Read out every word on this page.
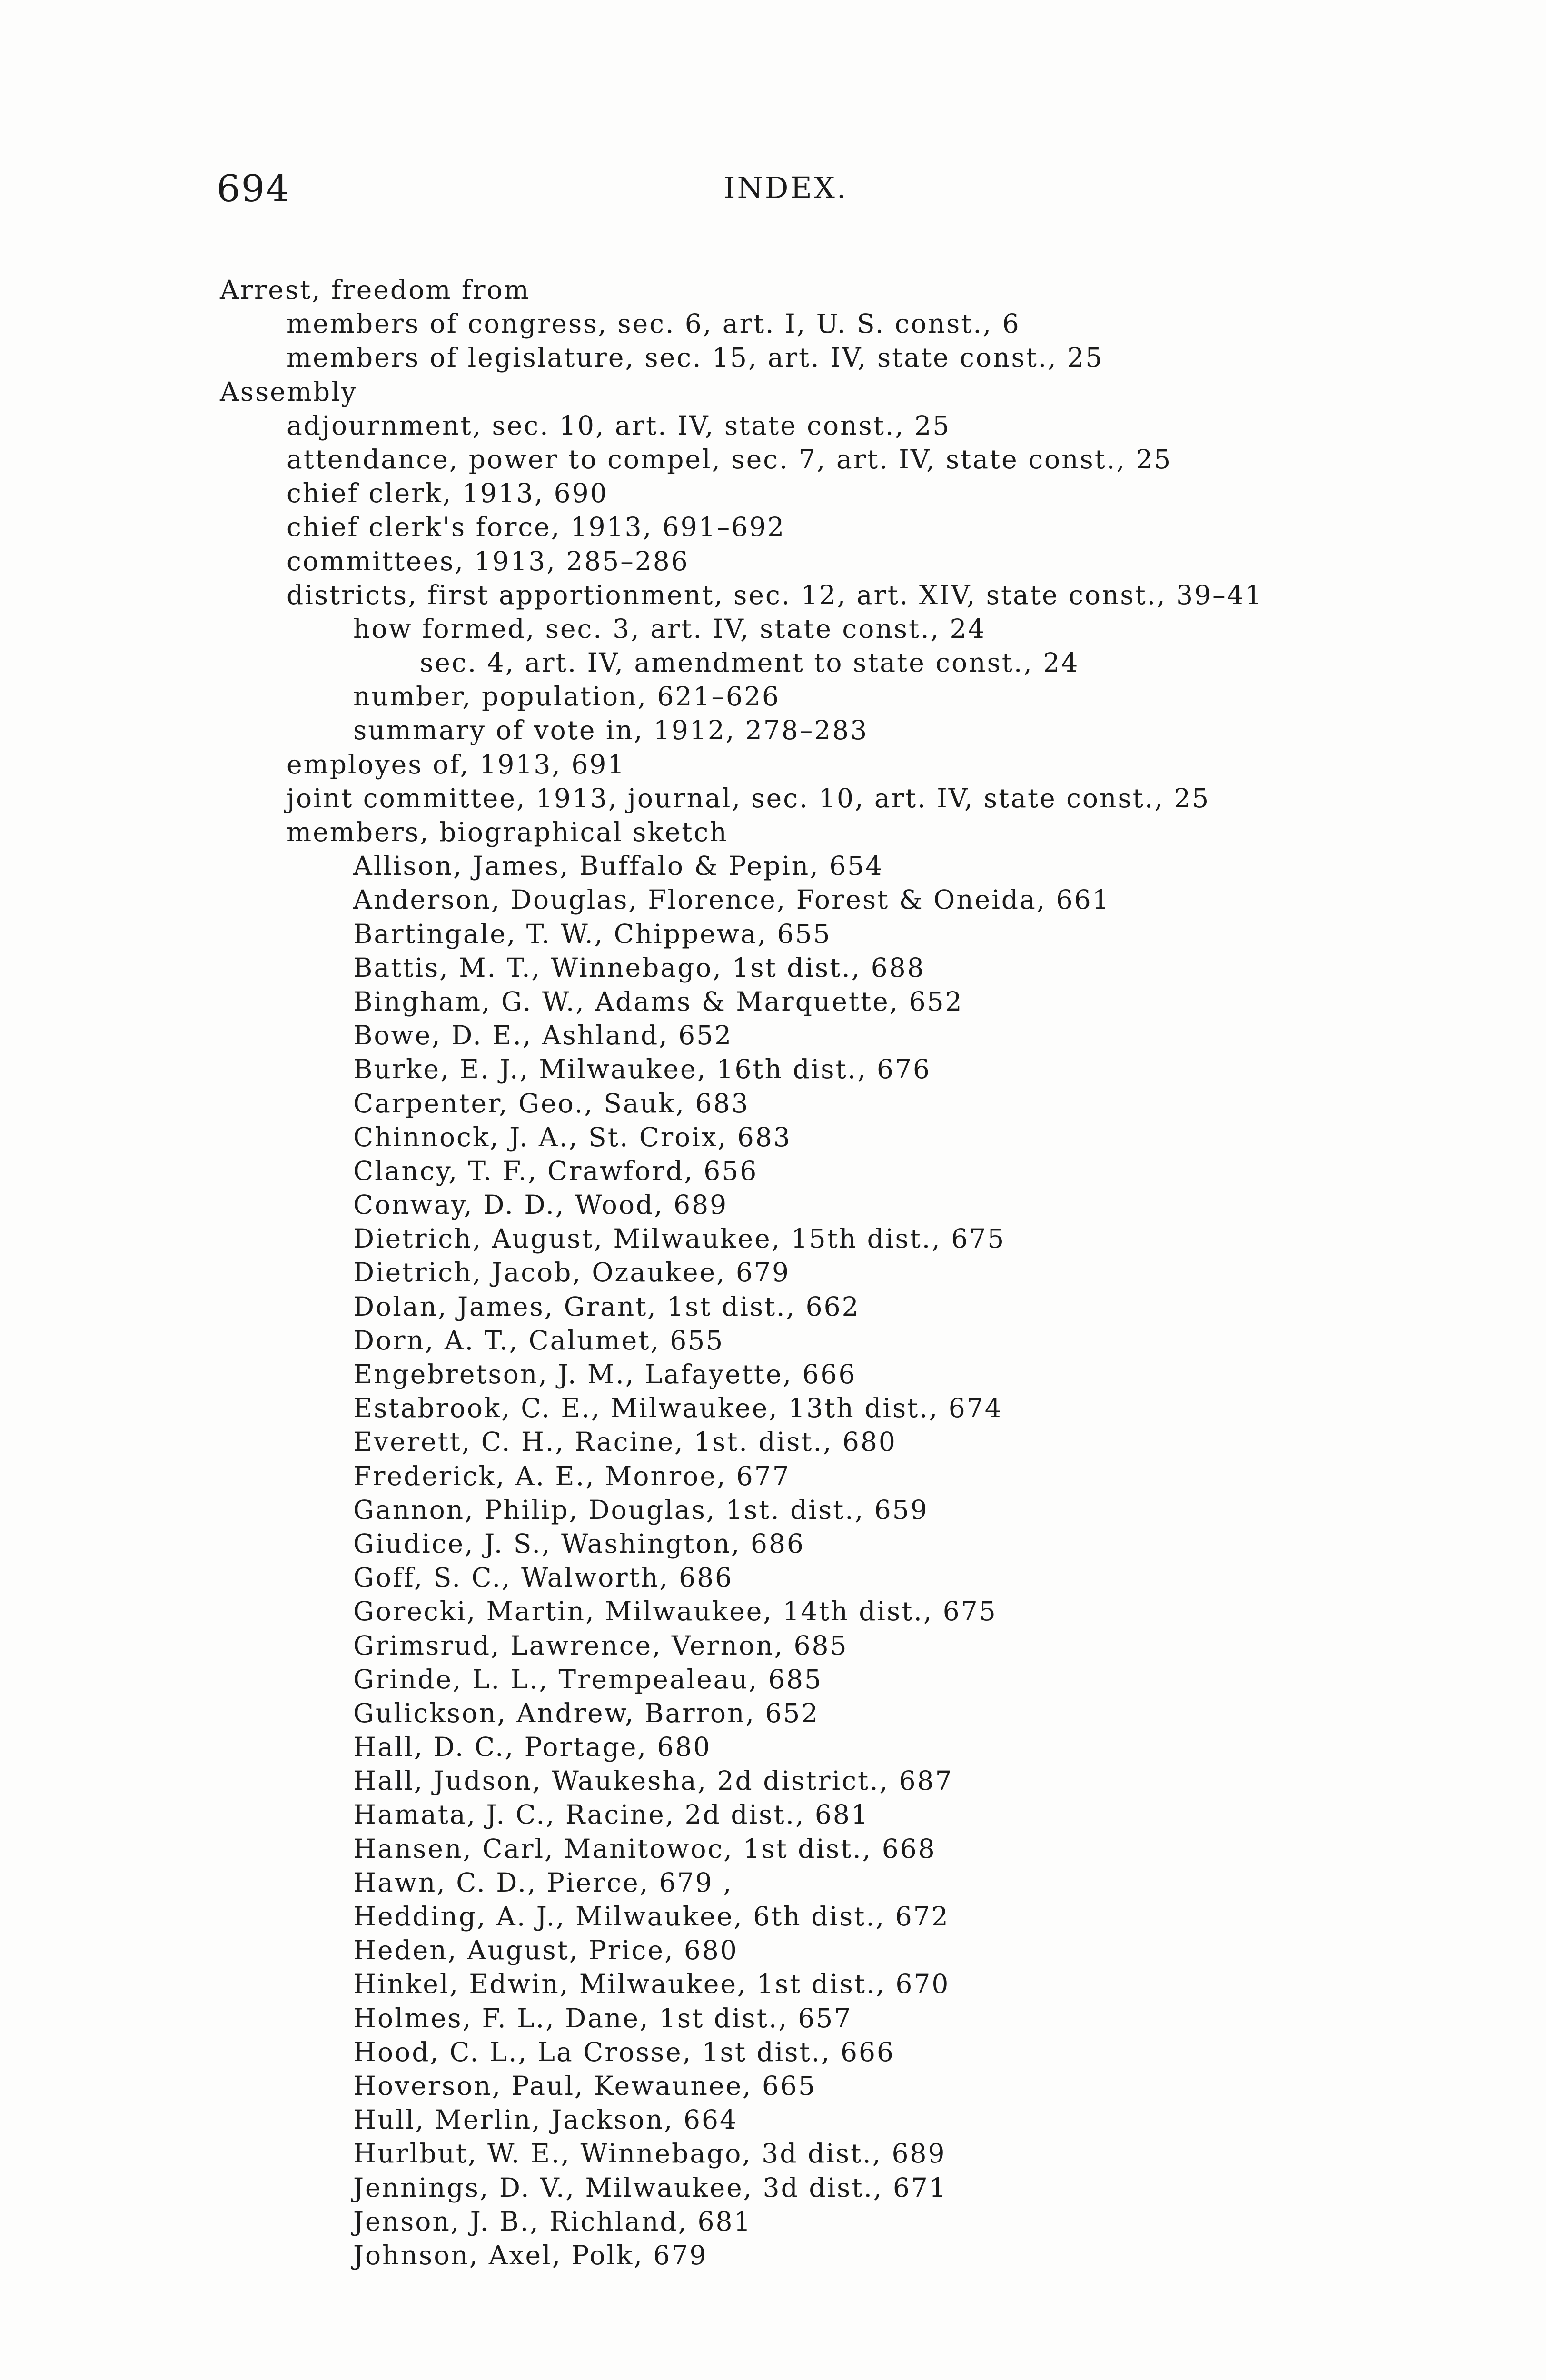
694	INDEX.
Arrest, freedom from
members of congress, sec. 6, art. I, U. S. const., 6
members of legislature, sec. 15, art. IV, state const., 25
Assembly
adjournment, sec. 10, art. IV, state const., 25
attendance, power to compel, sec. 7, art. IV, state const., 25
chief clerk, 1913, 690
chief clerk's force, 1913, 691–692
committees, 1913, 285–286
districts, first apportionment, sec. 12, art. XIV, state const., 39–41
how formed, sec. 3, art. IV, state const., 24
sec. 4, art. IV, amendment to state const., 24
number, population, 621–626
summary of vote in, 1912, 278–283
employes of, 1913, 691
joint committee, 1913, journal, sec. 10, art. IV, state const., 25
members, biographical sketch
Allison, James, Buffalo & Pepin, 654
Anderson, Douglas, Florence, Forest & Oneida, 661
Bartingale, T. W., Chippewa, 655
Battis, M. T., Winnebago, 1st dist., 688
Bingham, G. W., Adams & Marquette, 652
Bowe, D. E., Ashland, 652
Burke, E. J., Milwaukee, 16th dist., 676
Carpenter, Geo., Sauk, 683
Chinnock, J. A., St. Croix, 683
Clancy, T. F., Crawford, 656
Conway, D. D., Wood, 689
Dietrich, August, Milwaukee, 15th dist., 675
Dietrich, Jacob, Ozaukee, 679
Dolan, James, Grant, 1st dist., 662
Dorn, A. T., Calumet, 655
Engebretson, J. M., Lafayette, 666
Estabrook, C. E., Milwaukee, 13th dist., 674
Everett, C. H., Racine, 1st. dist., 680
Frederick, A. E., Monroe, 677
Gannon, Philip, Douglas, 1st. dist., 659
Giudice, J. S., Washington, 686
Goff, S. C., Walworth, 686
Gorecki, Martin, Milwaukee, 14th dist., 675
Grimsrud, Lawrence, Vernon, 685
Grinde, L. L., Trempealeau, 685
Gulickson, Andrew, Barron, 652
Hall, D. C., Portage, 680
Hall, Judson, Waukesha, 2d district., 687
Hamata, J. C., Racine, 2d dist., 681
Hansen, Carl, Manitowoc, 1st dist., 668
Hawn, C. D., Pierce, 679 ,
Hedding, A. J., Milwaukee, 6th dist., 672
Heden, August, Price, 680
Hinkel, Edwin, Milwaukee, 1st dist., 670
Holmes, F. L., Dane, 1st dist., 657
Hood, C. L., La Crosse, 1st dist., 666
Hoverson, Paul, Kewaunee, 665
Hull, Merlin, Jackson, 664
Hurlbut, W. E., Winnebago, 3d dist., 689
Jennings, D. V., Milwaukee, 3d dist., 671
Jenson, J. B., Richland, 681
Johnson, Axel, Polk, 679
